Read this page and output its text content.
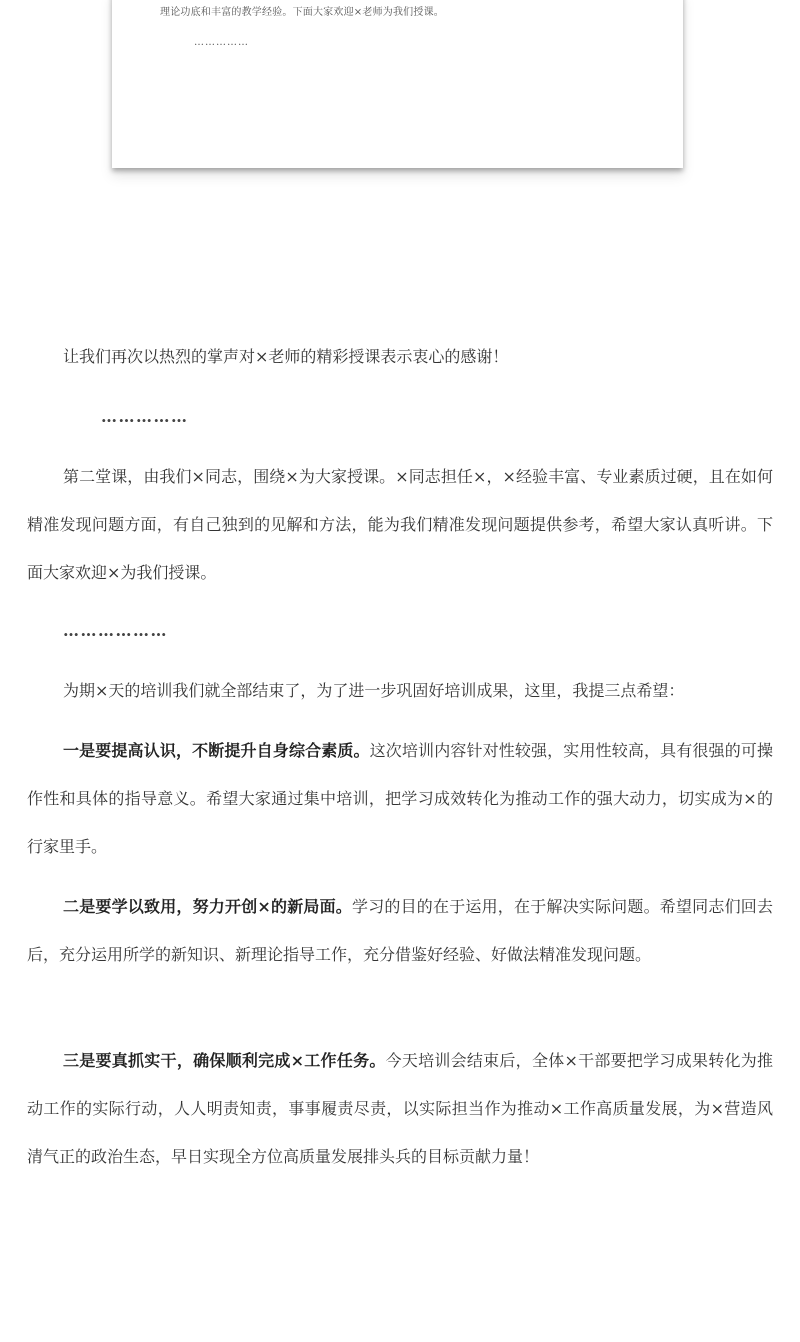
理论功底和丰富的教学经验。下面大家欢迎×老师为我们授课。
……………

让我们再次以热烈的掌声对×老师的精彩授课表示衷心的感谢！

……………

第二堂课，由我们×同志，围绕×为大家授课。×同志担任×，×经验丰富、专业素质过硬，且在如何精准发现问题方面，有自己独到的见解和方法，能为我们精准发现问题提供参考，希望大家认真听讲。下面大家欢迎×为我们授课。

………………

为期×天的培训我们就全部结束了，为了进一步巩固好培训成果，这里，我提三点希望：

一是要提高认识，不断提升自身综合素质。这次培训内容针对性较强，实用性较高，具有很强的可操作性和具体的指导意义。希望大家通过集中培训，把学习成效转化为推动工作的强大动力，切实成为×的行家里手。

二是要学以致用，努力开创×的新局面。学习的目的在于运用，在于解决实际问题。希望同志们回去后，充分运用所学的新知识、新理论指导工作，充分借鉴好经验、好做法精准发现问题。

三是要真抓实干，确保顺利完成×工作任务。今天培训会结束后，全体×干部要把学习成果转化为推动工作的实际行动，人人明责知责，事事履责尽责，以实际担当作为推动×工作高质量发展，为×营造风清气正的政治生态，早日实现全方位高质量发展排头兵的目标贡献力量！
